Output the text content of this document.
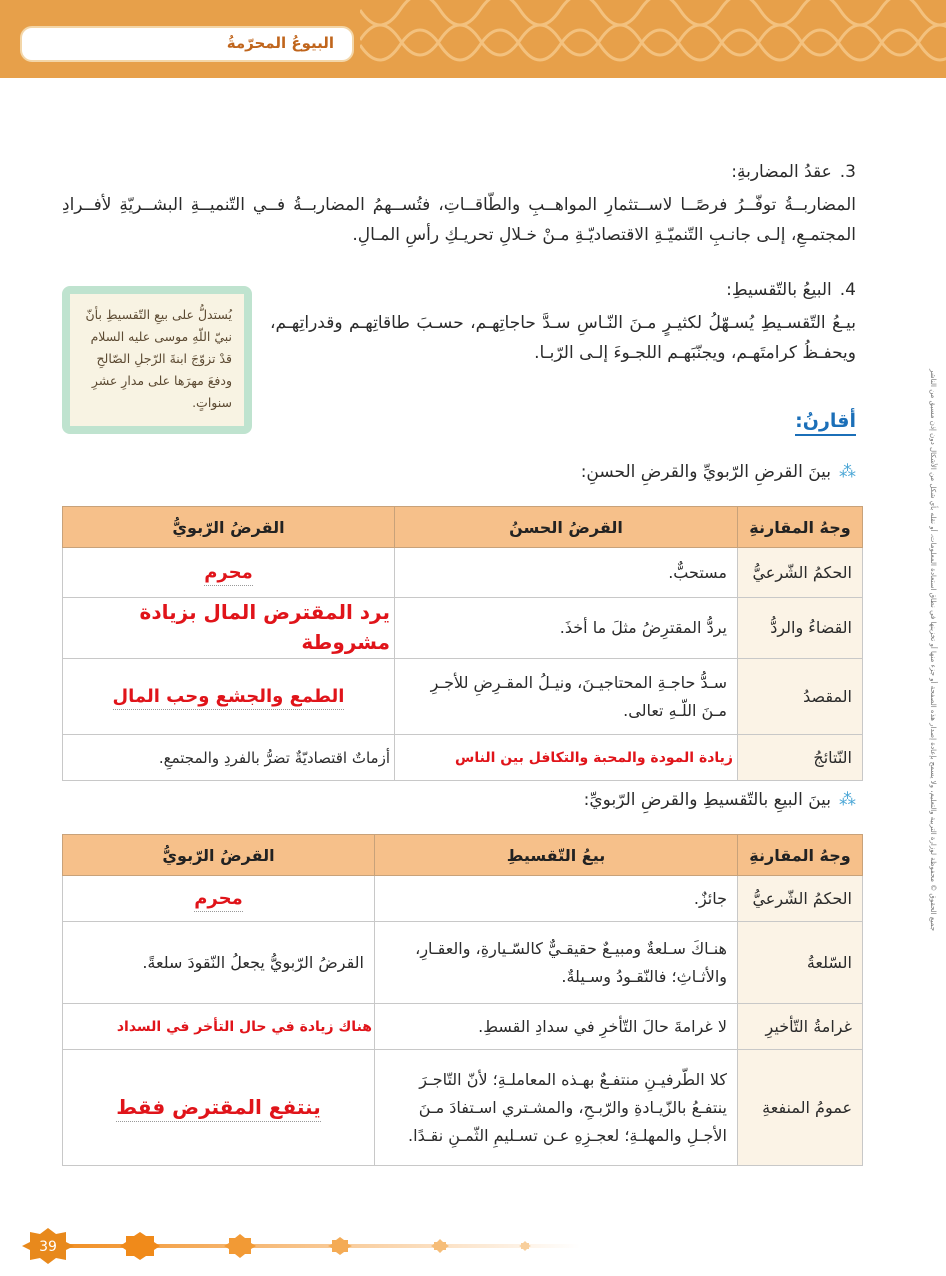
البيوعُ المحرّمةُ
جميع الحقوق © محفوظة لوزارة التربية والتعليم، ولا يسمح بإعادة إصدار هذه الصفحة أو جزء منها أو تخزينها في نطاق استعادة المعلومات، أو نقله بأي شكل من الأشكال دون إذن مسبق من الناشر

3.عقدُ المضاربةِ:

المضاربــةُ توفّــرُ فرصًــا لاســتثمارِ المواهــبِ والطّاقــاتِ، فتُســهمُ المضاربــةُ فــي التّنميــةِ البشــريّةِ لأفــرادِ المجتمـعِ، إلـى جانـبِ التّنميّـةِ الاقتصاديّـةِ مـنْ خـلالِ تحريـكِ رأسِ المـالِ.

4.البيعُ بالتّقسيطِ:

بيـعُ التّقسـيطِ يُسـهّلُ لكثيـرٍ مـنَ النّـاسِ سـدَّ حاجاتِهـم، حسـبَ طاقاتِهـم وقدراتِهـم، ويحفـظُ كرامتَهـم، ويجنّبَهـم اللجـوءَ إلـى الرّبـا.

يُستدلُّ على بيعِ التّقسيطِ بأنّ نبيّ اللّهِ موسى عليه السلام قدْ تزوّجَ ابنةَ الرّجلِ الصّالحِ ودفعَ مهرَها على مدارِ عشرِ سنواتٍ.
أقارنُ:
⁂بينَ القرضِ الرّبويِّ والقرضِ الحسنِ:
وجهُ المقارنةِ	القرضُ الحسنُ	القرضُ الرّبويُّ
الحكمُ الشّرعيُّ	مستحبٌّ.	محرم
القضاءُ والردُّ	يردُّ المقترِضُ مثلَ ما أخذَ.	يرد المقترض المال بزيادة مشروطة
المقصدُ	سـدُّ حاجـةِ المحتاجيـنَ، ونيـلُ المقـرِضِ للأجـرِ مـنَ اللّـهِ تعالى.	الطمع والجشع وحب المال
النّتائجُ	زيادة المودة والمحبة والتكافل بين الناس	أزماتٌ اقتصاديّةٌ تضرُّ بالفردِ والمجتمعِ.
⁂بينَ البيعِ بالتّقسيطِ والقرضِ الرّبويِّ:
وجهُ المقارنةِ	بيعُ التّقسيطِ	القرضُ الرّبويُّ
الحكمُ الشّرعيُّ	جائزٌ.	محرم
السّلعةُ	هنـاكَ سـلعةٌ ومبيـعٌ حقيقـيٌّ كالسّـيارةِ، والعقـارِ، والأثـاثِ؛ فالنّقـودُ وسـيلةٌ.	القرضُ الرّبويُّ يجعلُ النّقودَ سلعةً.
غرامةُ التّأخيرِ	لا غرامةَ حالَ التّأخرِ في سدادِ القسطِ.	هناك زيادة في حال التأخر في السداد
عمومُ المنفعةِ	كلا الطّرفيـنِ منتفـعٌ بهـذه المعاملـةِ؛ لأنّ التّاجـرَ ينتفـعُ بالزّيـادةِ والرّبـحِ، والمشـتري اسـتفادَ مـنَ الأجـلِ والمهلـةِ؛ لعجـزِهِ عـن تسـليمِ الثّمـنِ نقـدًا.	ينتفع المقترض فقط
39
